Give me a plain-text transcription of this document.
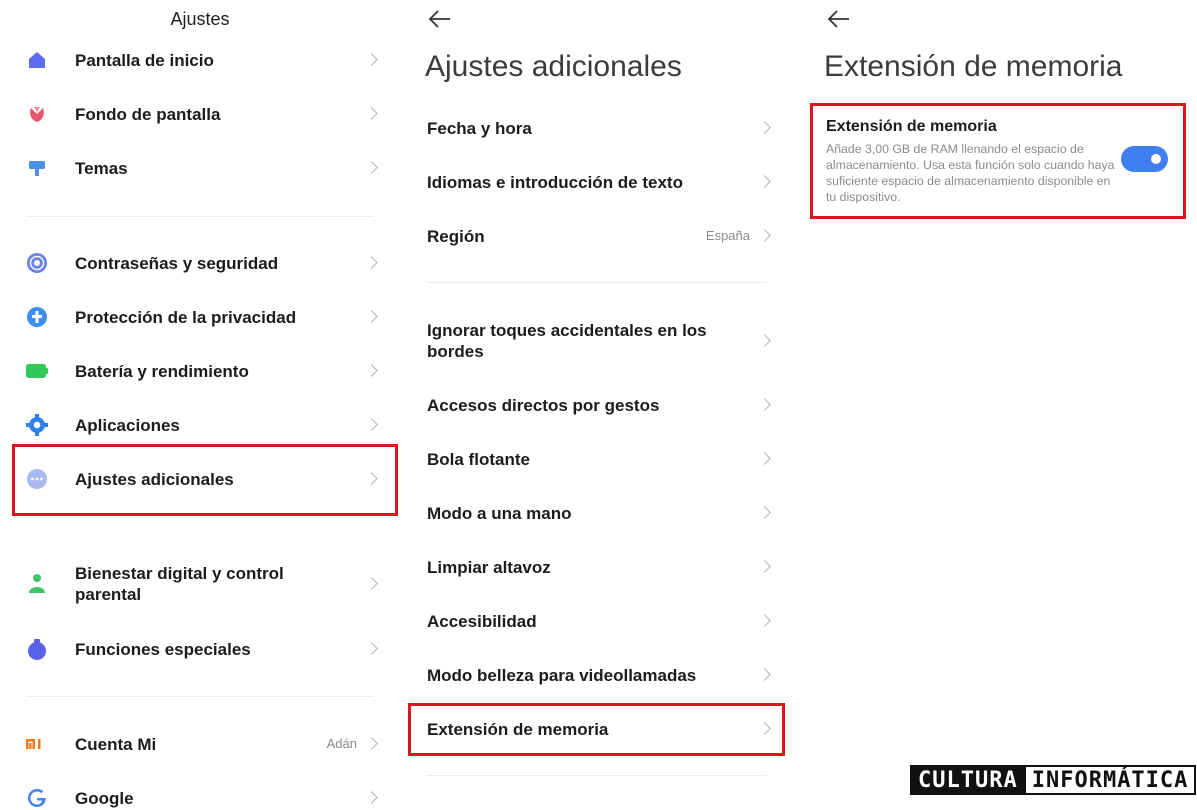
Ajustes
Pantalla de inicio
Fondo de pantalla
Temas
Contraseñas y seguridad
Protección de la privacidad
Batería y rendimiento
Aplicaciones
Ajustes adicionales
Bienestar digital y control parental
Funciones especiales
Cuenta Mi	Adán
Google
Ajustes adicionales
Fecha y hora
Idiomas e introducción de texto
Región	España
Ignorar toques accidentales en los bordes
Accesos directos por gestos
Bola flotante
Modo a una mano
Limpiar altavoz
Accesibilidad
Modo belleza para videollamadas
Extensión de memoria
Extensión de memoria
Extensión de memoria
Añade 3,00 GB de RAM llenando el espacio de almacenamiento. Usa esta función solo cuando haya suficiente espacio de almacenamiento disponible en tu dispositivo.
CULTURA INFORMÁTICA
